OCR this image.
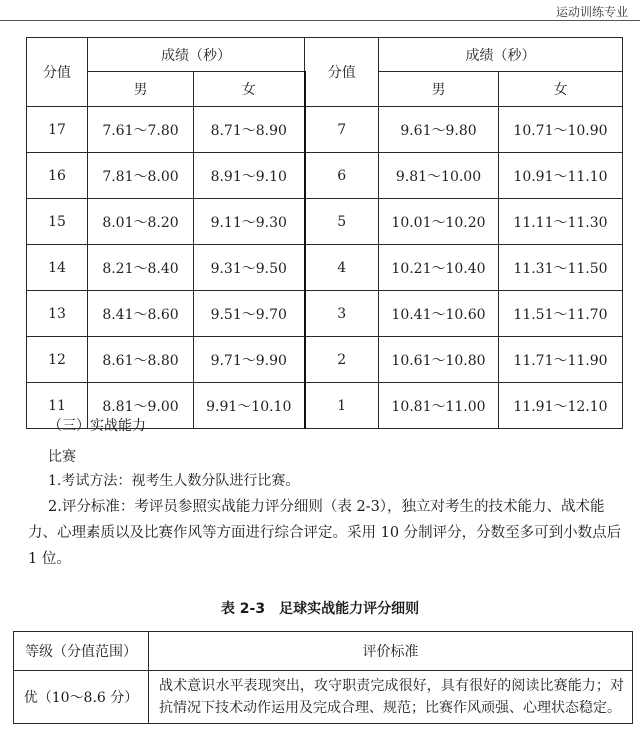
运动训练专业
分值	成绩（秒）		分值	成绩（秒）	
	男	女		男	女
17	7.61～7.80	8.71～8.90	7	9.61～9.80	10.71～10.90
16	7.81～8.00	8.91～9.10	6	9.81～10.00	10.91～11.10
15	8.01～8.20	9.11～9.30	5	10.01～10.20	11.11～11.30
14	8.21～8.40	9.31～9.50	4	10.21～10.40	11.31～11.50
13	8.41～8.60	9.51～9.70	3	10.41～10.60	11.51～11.70
12	8.61～8.80	9.71～9.90	2	10.61～10.80	11.71～11.90
11	8.81～9.00	9.91～10.10	1	10.81～11.00	11.91～12.10
（三）实战能力
比赛
1.考试方法：视考生人数分队进行比赛。
2.评分标准：考评员参照实战能力评分细则（表 2-3），独立对考生的技术能力、战术能力、心理素质以及比赛作风等方面进行综合评定。采用 10 分制评分，分数至多可到小数点后 1 位。
表 2-3　足球实战能力评分细则
等级（分值范围）	评价标准
优（10～8.6 分）	战术意识水平表现突出，攻守职责完成很好，具有很好的阅读比赛能力；对抗情况下技术动作运用及完成合理、规范；比赛作风顽强、心理状态稳定。
